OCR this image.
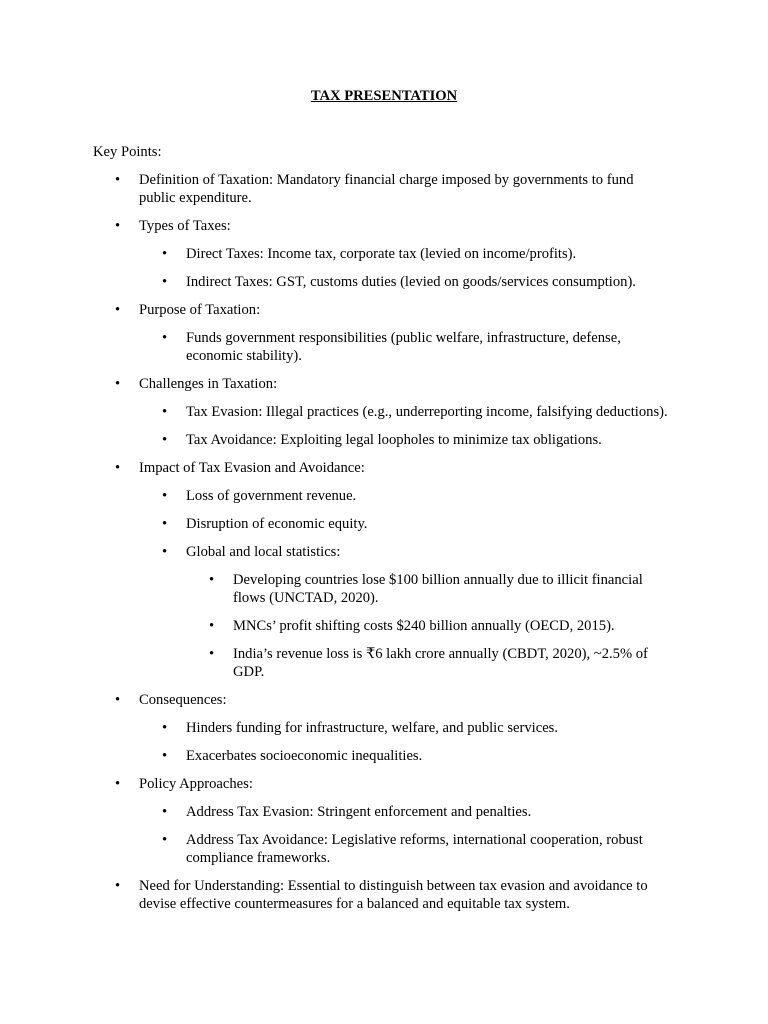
TAX PRESENTATION
Key Points:
• Definition of Taxation: Mandatory financial charge imposed by governments to fund public expenditure.
• Types of Taxes:
• Direct Taxes: Income tax, corporate tax (levied on income/profits).
• Indirect Taxes: GST, customs duties (levied on goods/services consumption).
• Purpose of Taxation:
• Funds government responsibilities (public welfare, infrastructure, defense, economic stability).
• Challenges in Taxation:
• Tax Evasion: Illegal practices (e.g., underreporting income, falsifying deductions).
• Tax Avoidance: Exploiting legal loopholes to minimize tax obligations.
• Impact of Tax Evasion and Avoidance:
• Loss of government revenue.
• Disruption of economic equity.
• Global and local statistics:
• Developing countries lose $100 billion annually due to illicit financial flows (UNCTAD, 2020).
• MNCs’ profit shifting costs $240 billion annually (OECD, 2015).
• India’s revenue loss is ₹6 lakh crore annually (CBDT, 2020), ~2.5% of GDP.
• Consequences:
• Hinders funding for infrastructure, welfare, and public services.
• Exacerbates socioeconomic inequalities.
• Policy Approaches:
• Address Tax Evasion: Stringent enforcement and penalties.
• Address Tax Avoidance: Legislative reforms, international cooperation, robust compliance frameworks.
• Need for Understanding: Essential to distinguish between tax evasion and avoidance to devise effective countermeasures for a balanced and equitable tax system.
